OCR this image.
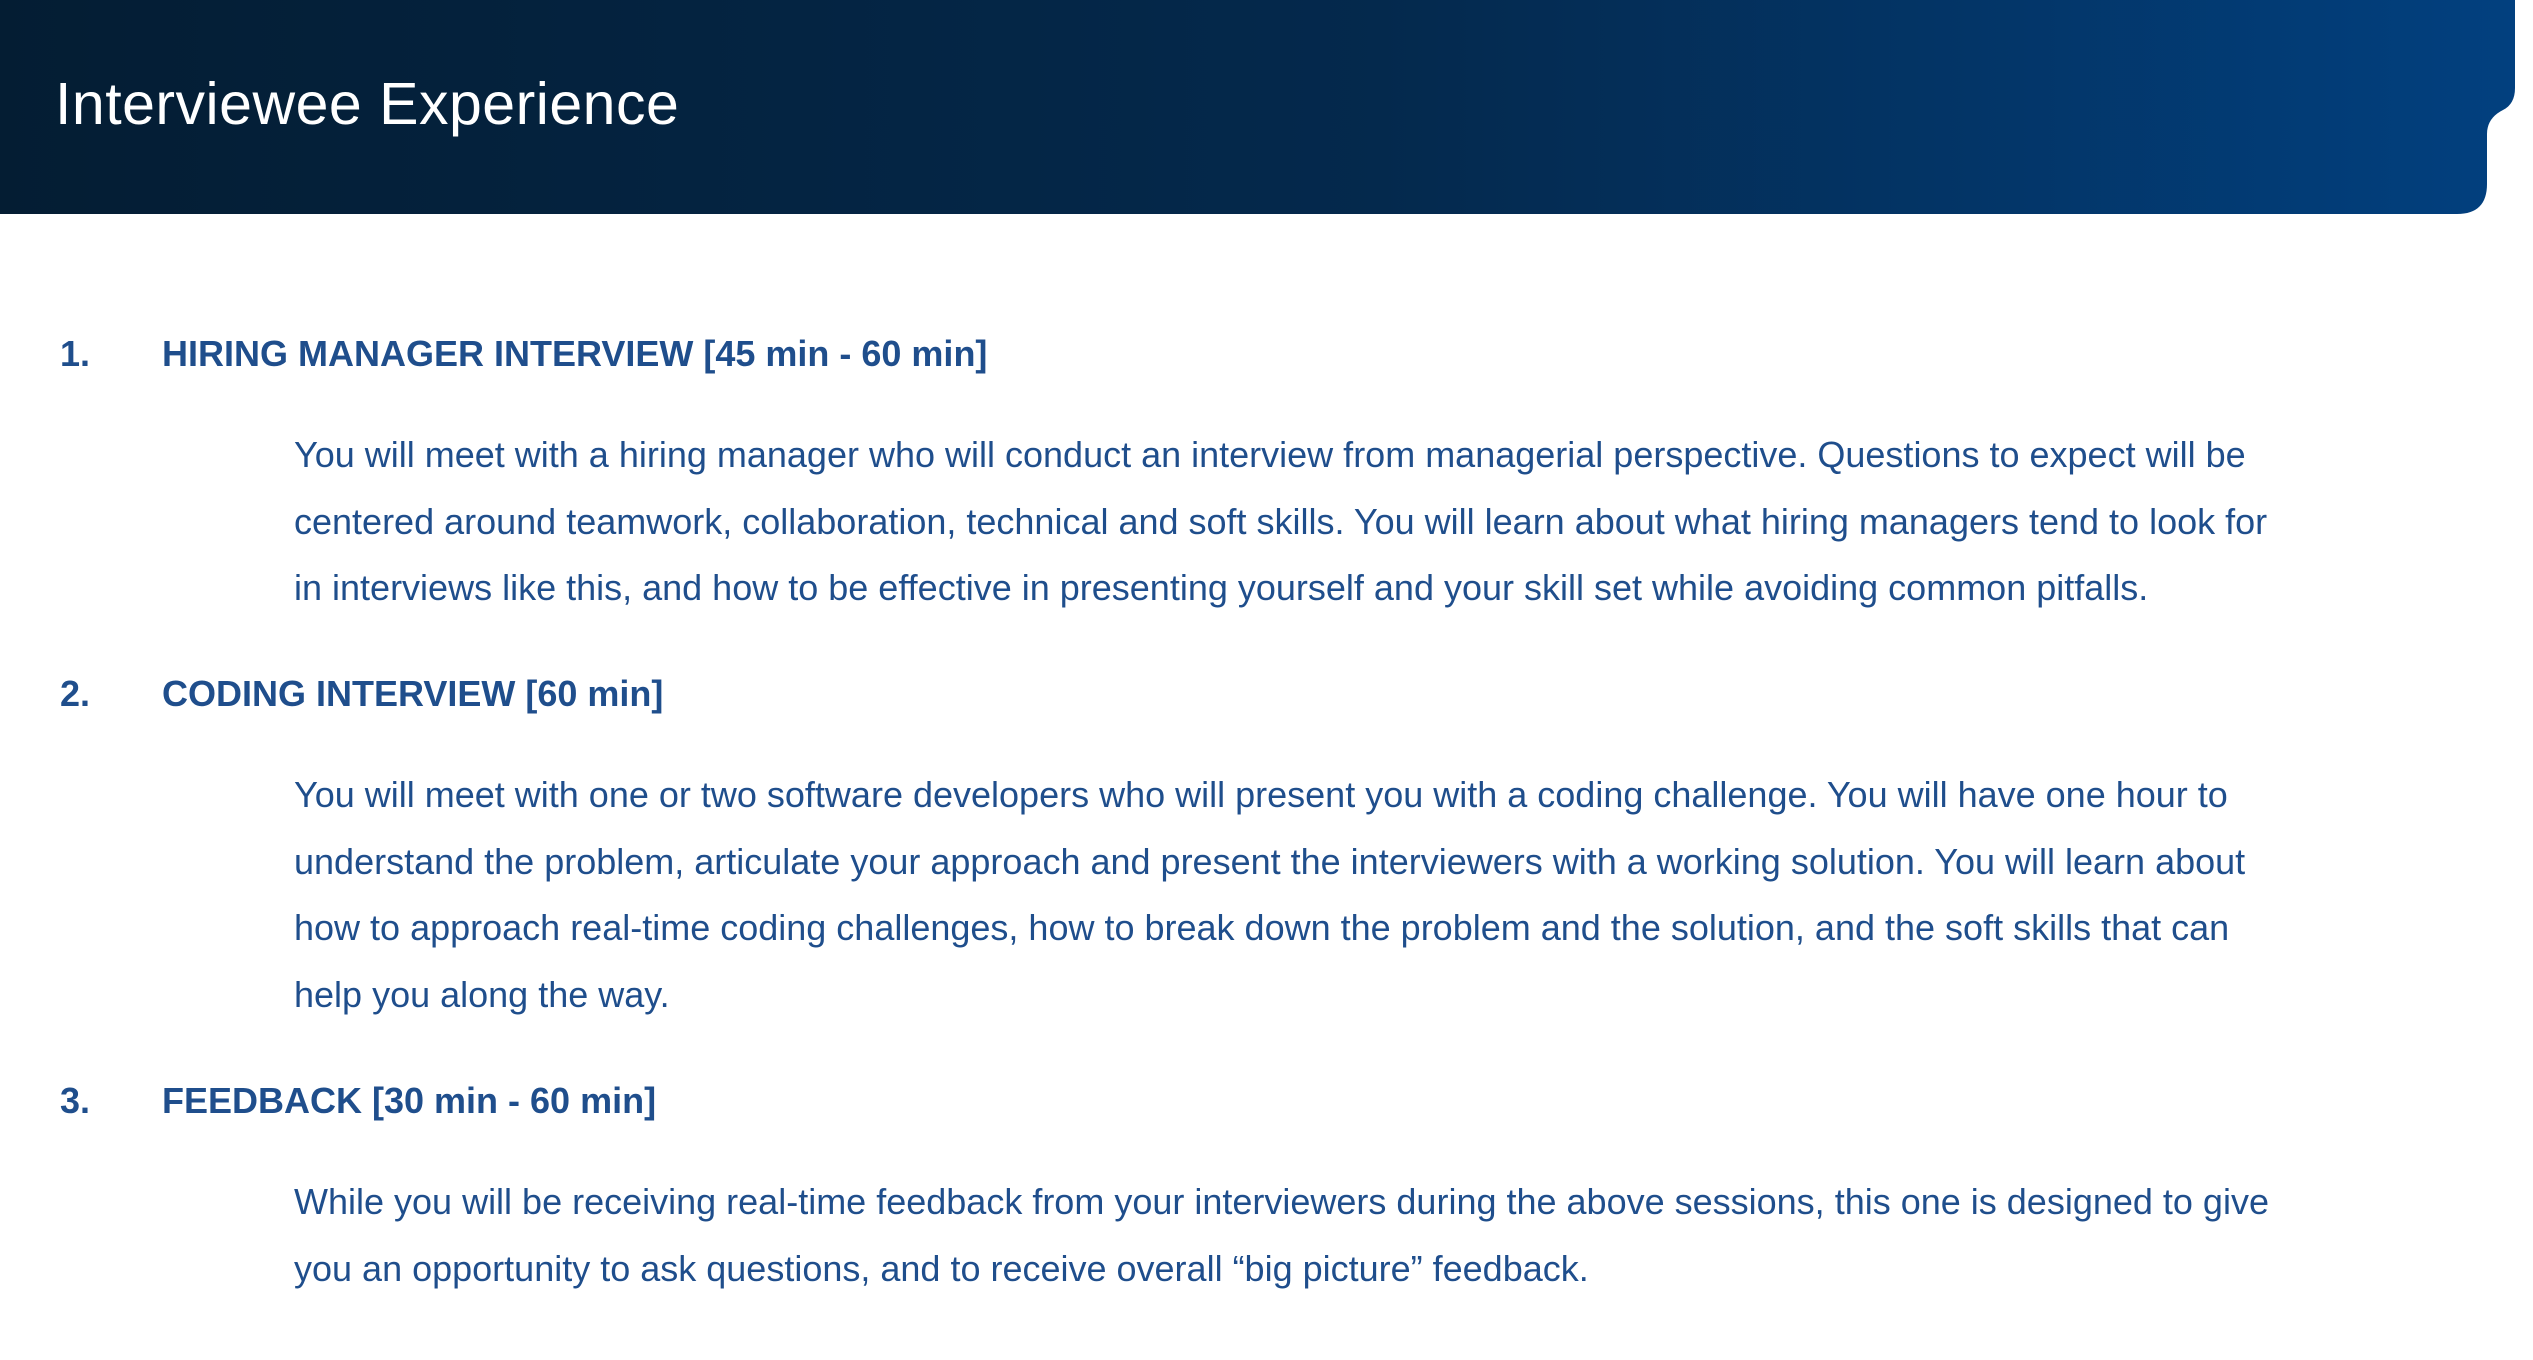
Interviewee Experience
1. HIRING MANAGER INTERVIEW [45 min - 60 min]
You will meet with a hiring manager who will conduct an interview from managerial perspective. Questions to expect will be
centered around teamwork, collaboration, technical and soft skills. You will learn about what hiring managers tend to look for
in interviews like this, and how to be effective in presenting yourself and your skill set while avoiding common pitfalls.
2. CODING INTERVIEW [60 min]
You will meet with one or two software developers who will present you with a coding challenge. You will have one hour to
understand the problem, articulate your approach and present the interviewers with a working solution. You will learn about
how to approach real-time coding challenges, how to break down the problem and the solution, and the soft skills that can
help you along the way.
3. FEEDBACK [30 min - 60 min]
While you will be receiving real-time feedback from your interviewers during the above sessions, this one is designed to give
you an opportunity to ask questions, and to receive overall “big picture” feedback.
